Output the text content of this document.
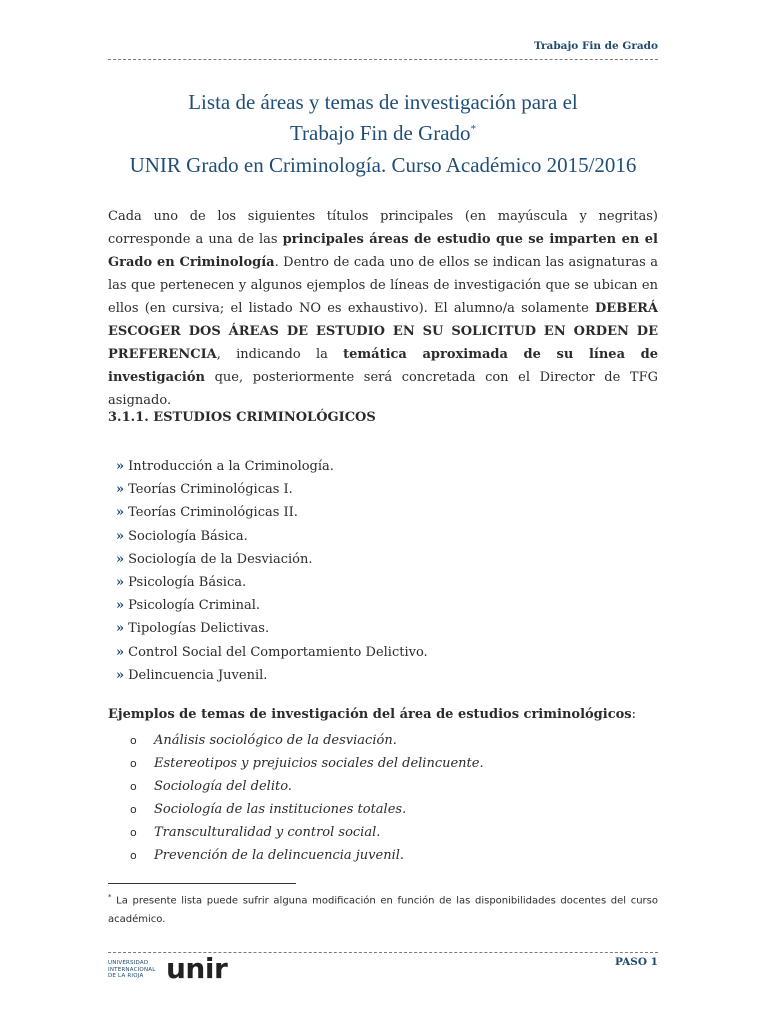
Trabajo Fin de Grado
Lista de áreas y temas de investigación para el
Trabajo Fin de Grado*
UNIR Grado en Criminología. Curso Académico 2015/2016
Cada uno de los siguientes títulos principales (en mayúscula y negritas) corresponde a una de las principales áreas de estudio que se imparten en el Grado en Criminología. Dentro de cada uno de ellos se indican las asignaturas a las que pertenecen y algunos ejemplos de líneas de investigación que se ubican en ellos (en cursiva; el listado NO es exhaustivo). El alumno/a solamente DEBERÁ ESCOGER DOS ÁREAS DE ESTUDIO EN SU SOLICITUD EN ORDEN DE PREFERENCIA, indicando la temática aproximada de su línea de investigación que, posteriormente será concretada con el Director de TFG asignado.
3.1.1. ESTUDIOS CRIMINOLÓGICOS
» Introducción a la Criminología.
» Teorías Criminológicas I.
» Teorías Criminológicas II.
» Sociología Básica.
» Sociología de la Desviación.
» Psicología Básica.
» Psicología Criminal.
» Tipologías Delictivas.
» Control Social del Comportamiento Delictivo.
» Delincuencia Juvenil.
Ejemplos de temas de investigación del área de estudios criminológicos:
o Análisis sociológico de la desviación.
o Estereotipos y prejuicios sociales del delincuente.
o Sociología del delito.
o Sociología de las instituciones totales.
o Transculturalidad y control social.
o Prevención de la delincuencia juvenil.
* La presente lista puede sufrir alguna modificación en función de las disponibilidades docentes del curso académico.
UNIVERSIDAD
INTERNACIONAL
DE LA RIOJA unir	PASO 1
